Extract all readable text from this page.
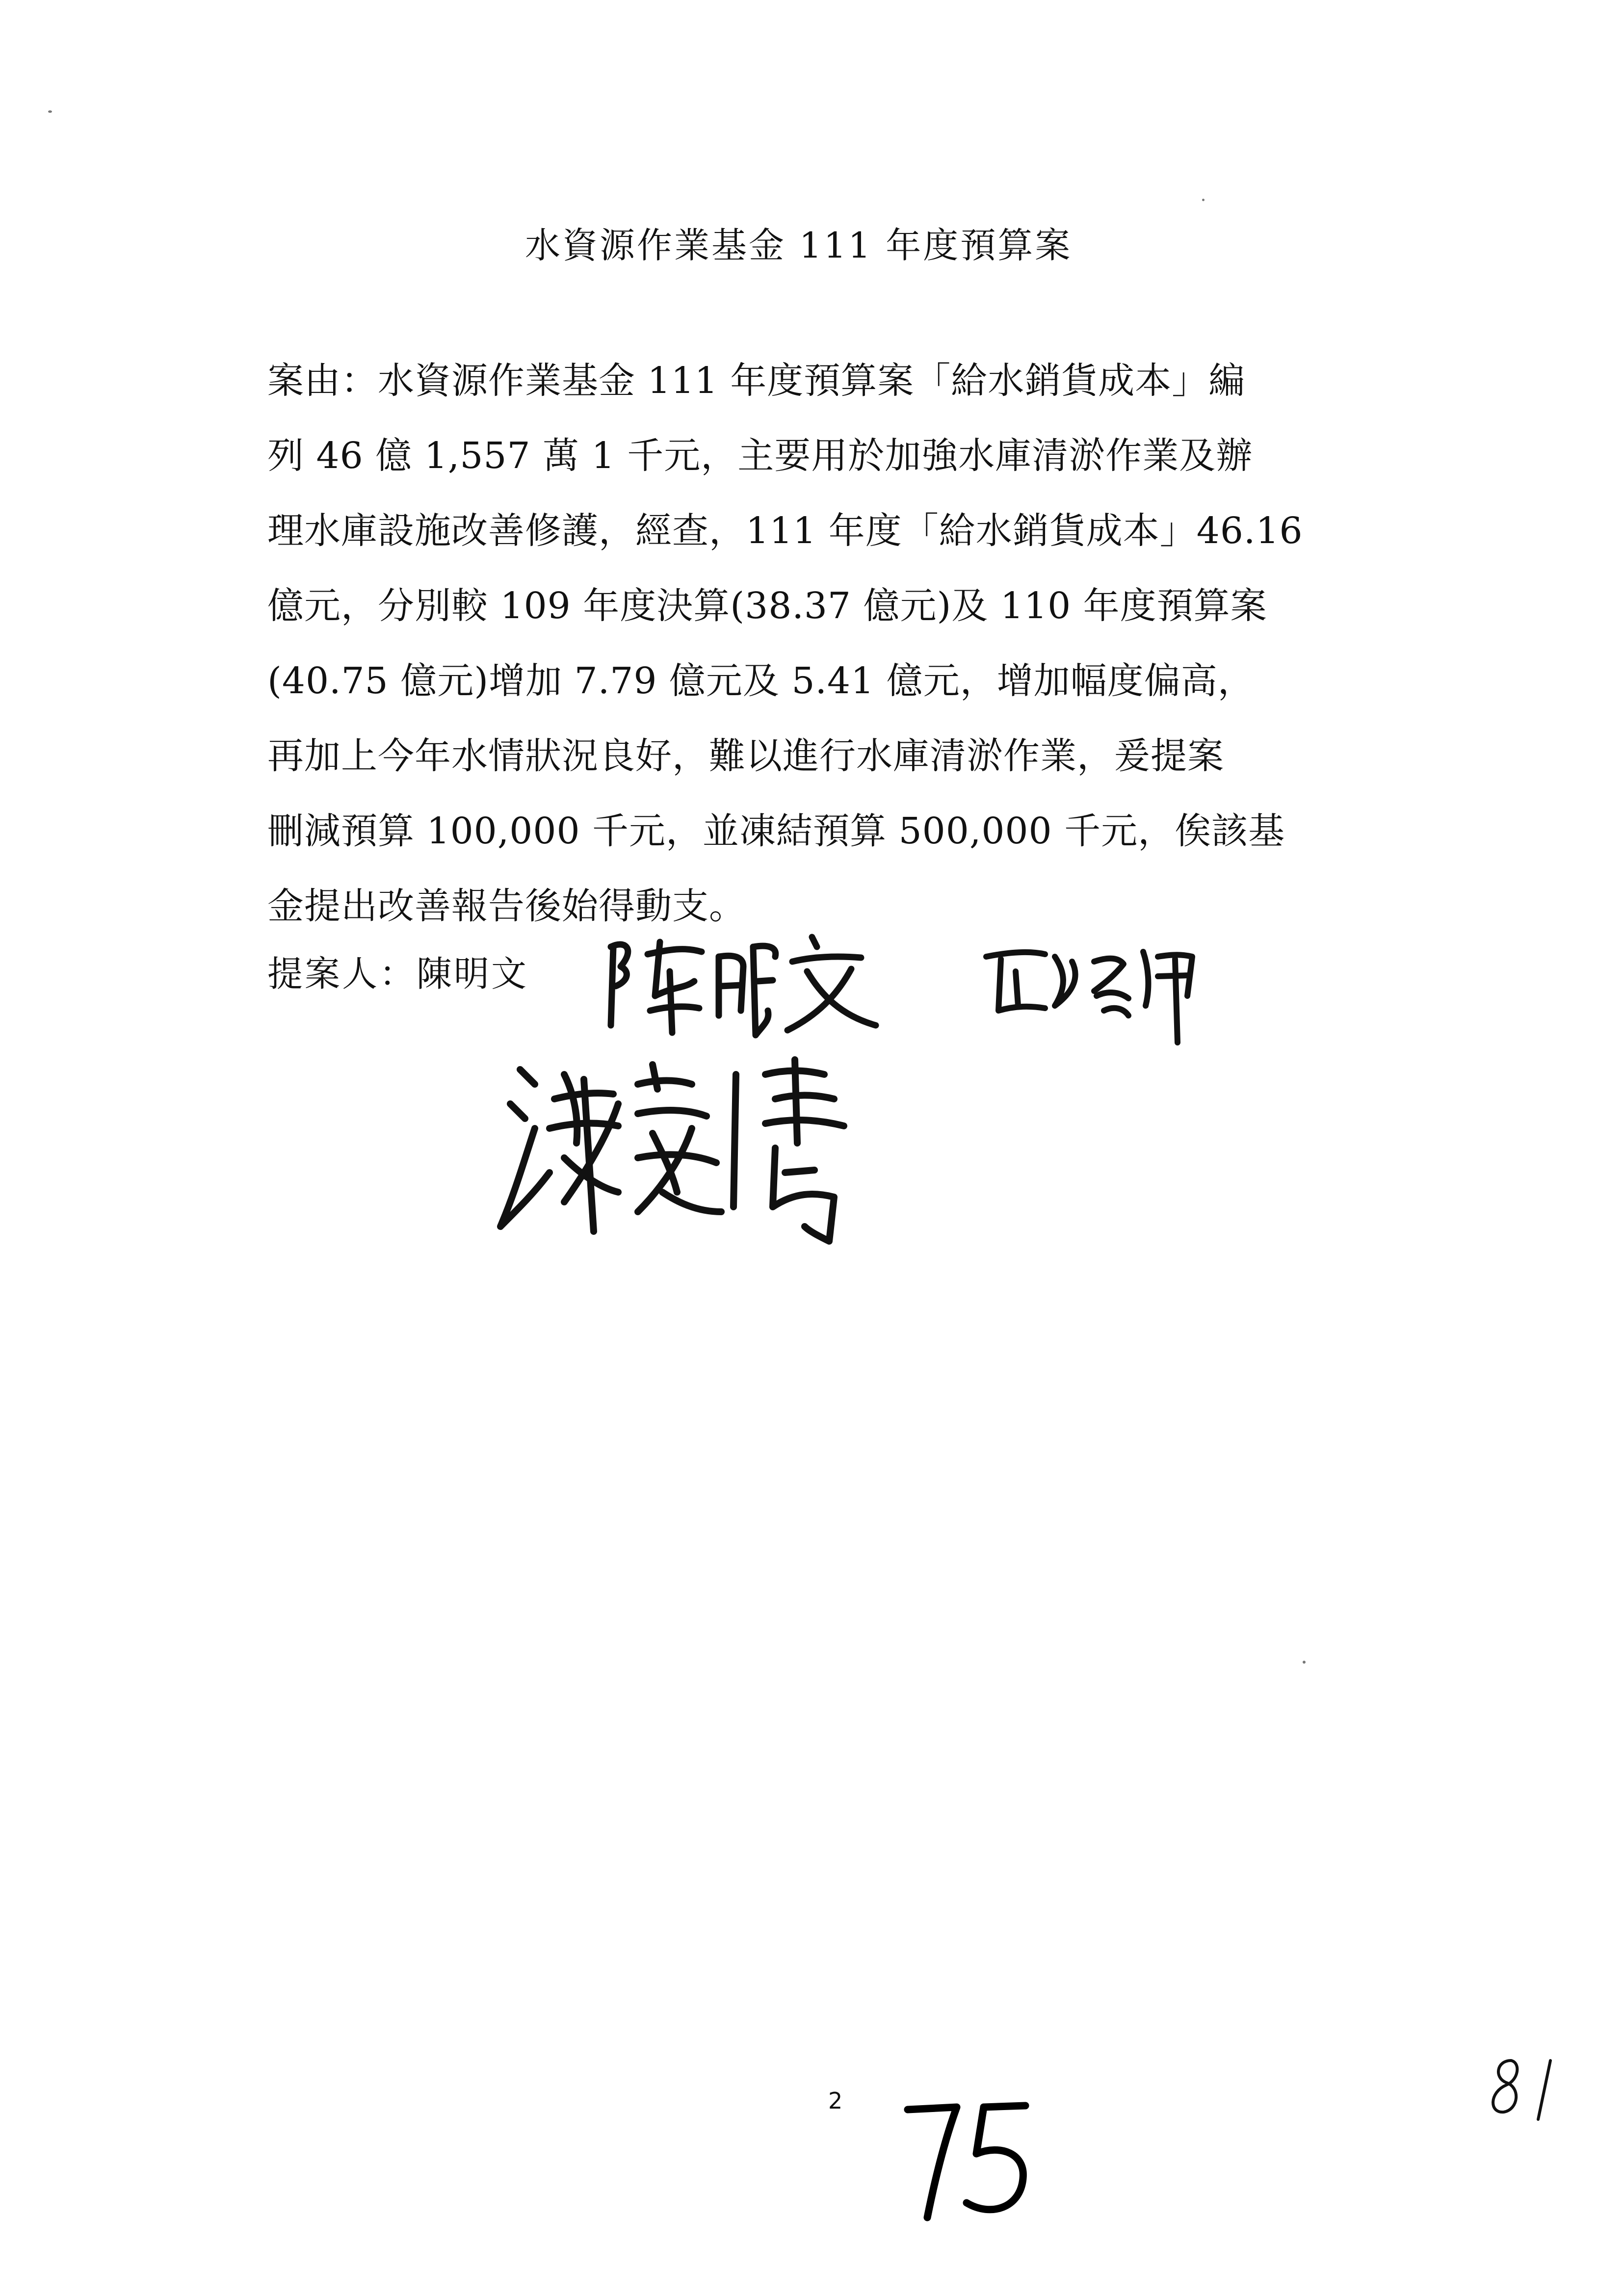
水資源作業基金 111 年度預算案
案由：水資源作業基金 111 年度預算案「給水銷貨成本」編
列 46 億 1,557 萬 1 千元，主要用於加強水庫清淤作業及辦
理水庫設施改善修護，經查，111 年度「給水銷貨成本」46.16
億元，分別較 109 年度決算(38.37 億元)及 110 年度預算案
(40.75 億元)增加 7.79 億元及 5.41 億元，增加幅度偏高，
再加上今年水情狀況良好，難以進行水庫清淤作業，爰提案
刪減預算 100,000 千元，並凍結預算 500,000 千元，俟該基
金提出改善報告後始得動支。
提案人：陳明文
2
